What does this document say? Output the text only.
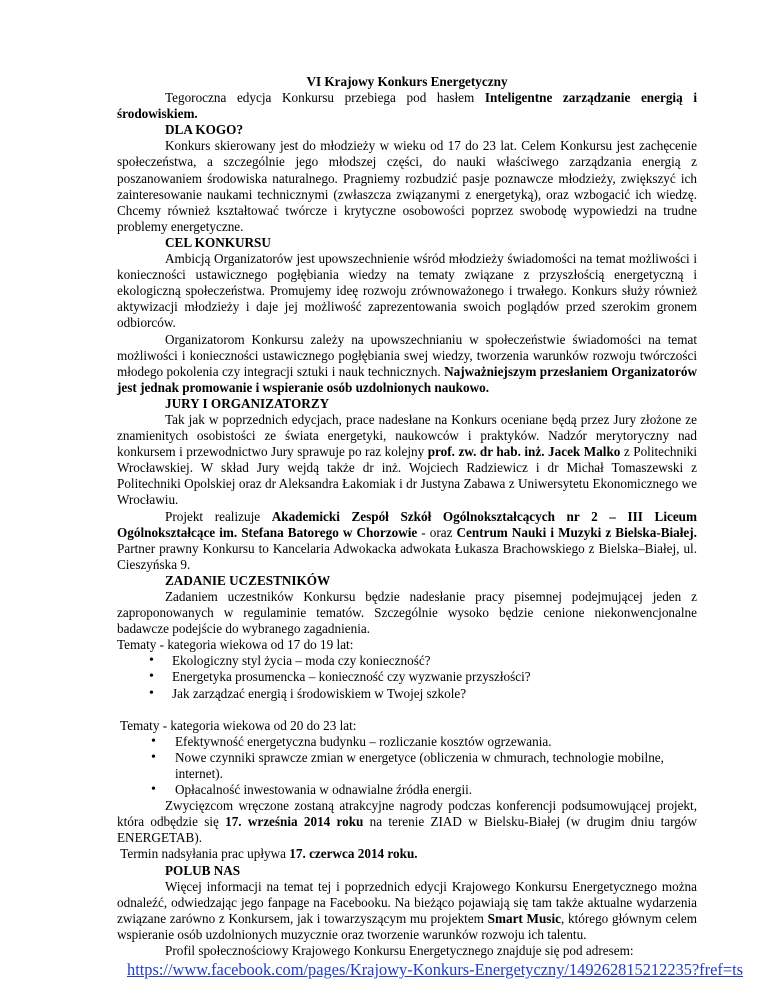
VI Krajowy Konkurs Energetyczny

Tegoroczna edycja Konkursu przebiega pod hasłem Inteligentne zarządzanie energią i środowiskiem.

DLA KOGO?

Konkurs skierowany jest do młodzieży w wieku od 17 do 23 lat. Celem Konkursu jest zachęcenie społeczeństwa, a szczególnie jego młodszej części, do nauki właściwego zarządzania energią z poszanowaniem środowiska naturalnego. Pragniemy rozbudzić pasje poznawcze młodzieży, zwiększyć ich zainteresowanie naukami technicznymi (zwłaszcza związanymi z energetyką), oraz wzbogacić ich wiedzę. Chcemy również kształtować twórcze i krytyczne osobowości poprzez swobodę wypowiedzi na trudne problemy energetyczne.

CEL KONKURSU

Ambicją Organizatorów jest upowszechnienie wśród młodzieży świadomości na temat możliwości i konieczności ustawicznego pogłębiania wiedzy na tematy związane z przyszłością energetyczną i ekologiczną społeczeństwa. Promujemy ideę rozwoju zrównoważonego i trwałego. Konkurs służy również aktywizacji młodzieży i daje jej możliwość zaprezentowania swoich poglądów przed szerokim gronem odbiorców.

Organizatorom Konkursu zależy na upowszechnianiu w społeczeństwie świadomości na temat możliwości i konieczności ustawicznego pogłębiania swej wiedzy, tworzenia warunków rozwoju twórczości młodego pokolenia czy integracji sztuki i nauk technicznych. Najważniejszym przesłaniem Organizatorów jest jednak promowanie i wspieranie osób uzdolnionych naukowo.

JURY I ORGANIZATORZY

Tak jak w poprzednich edycjach, prace nadesłane na Konkurs oceniane będą przez Jury złożone ze znamienitych osobistości ze świata energetyki, naukowców i praktyków. Nadzór merytoryczny nad konkursem i przewodnictwo Jury sprawuje po raz kolejny prof. zw. dr hab. inż. Jacek Malko z Politechniki Wrocławskiej. W skład Jury wejdą także dr inż. Wojciech Radziewicz i dr Michał Tomaszewski z Politechniki Opolskiej oraz dr Aleksandra Łakomiak i dr Justyna Zabawa z Uniwersytetu Ekonomicznego we Wrocławiu.

Projekt realizuje Akademicki Zespół Szkół Ogólnokształcących nr 2 – III Liceum Ogólnokształcące im. Stefana Batorego w Chorzowie - oraz Centrum Nauki i Muzyki z Bielska-Białej. Partner prawny Konkursu to Kancelaria Adwokacka adwokata Łukasza Brachowskiego z Bielska–Białej, ul. Cieszyńska 9.

ZADANIE UCZESTNIKÓW

Zadaniem uczestników Konkursu będzie nadesłanie pracy pisemnej podejmującej jeden z zaproponowanych w regulaminie tematów. Szczególnie wysoko będzie cenione niekonwencjonalne badawcze podejście do wybranego zagadnienia.

Tematy - kategoria wiekowa od 17 do 19 lat:

• Ekologiczny styl życia – moda czy konieczność?
• Energetyka prosumencka – konieczność czy wyzwanie przyszłości?
• Jak zarządzać energią i środowiskiem w Twojej szkole?

Tematy - kategoria wiekowa od 20 do 23 lat:

• Efektywność energetyczna budynku – rozliczanie kosztów ogrzewania.
• Nowe czynniki sprawcze zmian w energetyce (obliczenia w chmurach, technologie mobilne, internet).
• Opłacalność inwestowania w odnawialne źródła energii.

Zwycięzcom wręczone zostaną atrakcyjne nagrody podczas konferencji podsumowującej projekt, która odbędzie się 17. września 2014 roku na terenie ZIAD w Bielsku-Białej (w drugim dniu targów ENERGETAB).

Termin nadsyłania prac upływa 17. czerwca 2014 roku.

POLUB NAS

Więcej informacji na temat tej i poprzednich edycji Krajowego Konkursu Energetycznego można odnaleźć, odwiedzając jego fanpage na Facebooku. Na bieżąco pojawiają się tam także aktualne wydarzenia związane zarówno z Konkursem, jak i towarzyszącym mu projektem Smart Music, którego głównym celem wspieranie osób uzdolnionych muzycznie oraz tworzenie warunków rozwoju ich talentu.

Profil społecznościowy Krajowego Konkursu Energetycznego znajduje się pod adresem:

https://www.facebook.com/pages/Krajowy-Konkurs-Energetyczny/149262815212235?fref=ts
